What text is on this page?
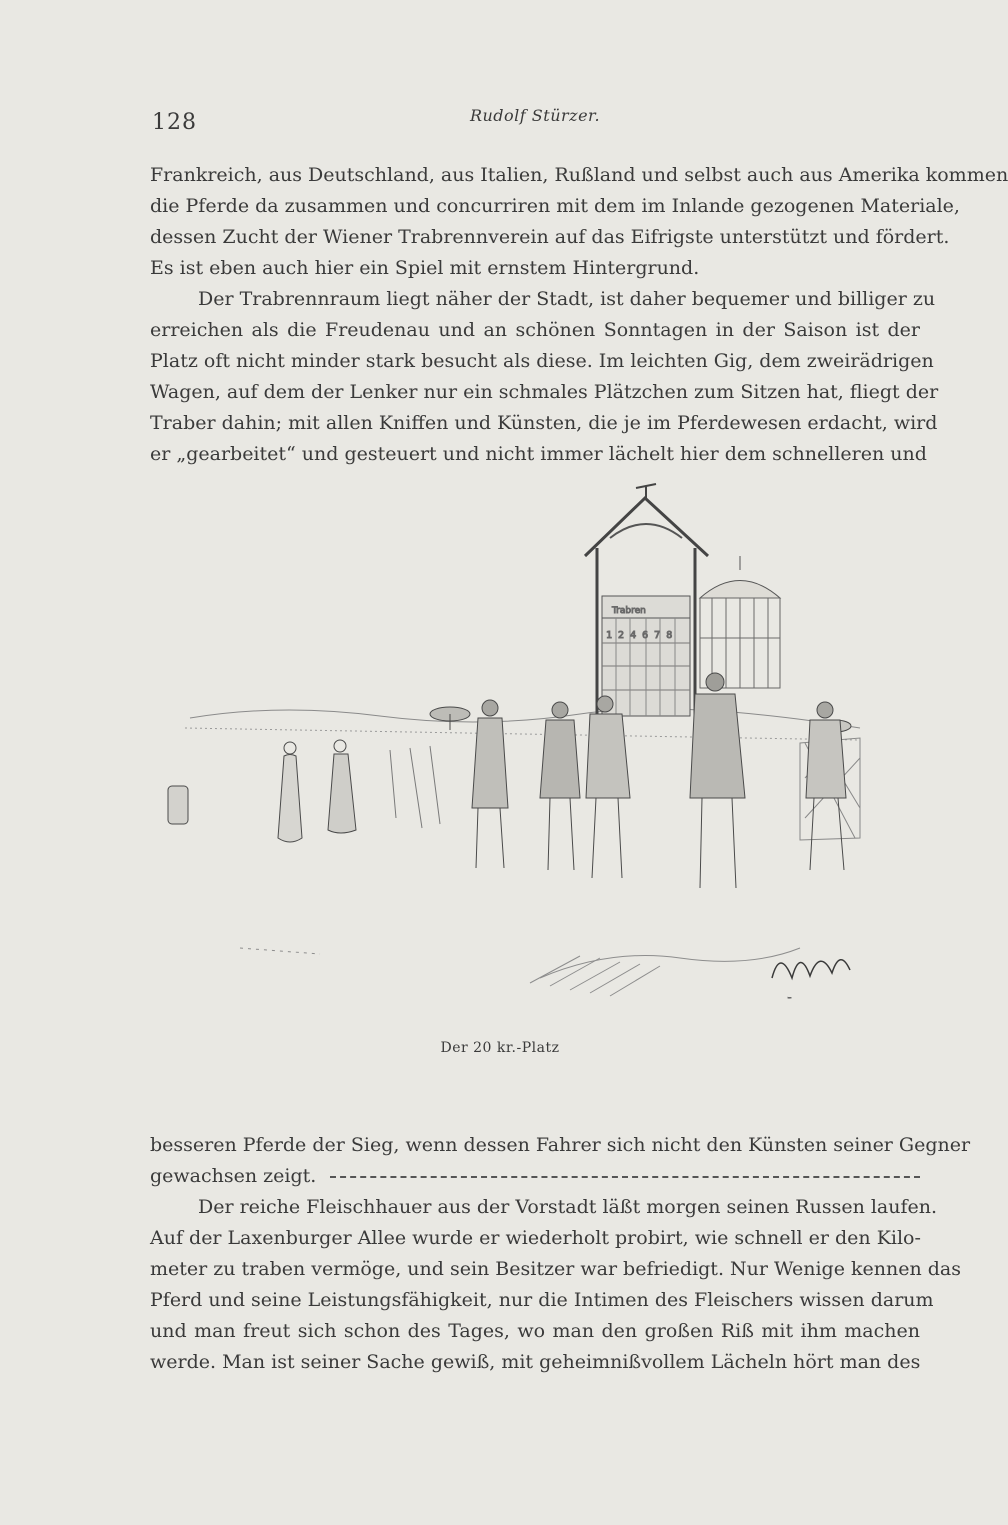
128	Rudolf Stürzer.
Frankreich, aus Deutschland, aus Italien, Rußland und selbst auch aus Amerika kommen
die Pferde da zusammen und concurriren mit dem im Inlande gezogenen Materiale,
dessen Zucht der Wiener Trabrennverein auf das Eifrigste unterstützt und fördert.
Es ist eben auch hier ein Spiel mit ernstem Hintergrund.
Der Trabrennraum liegt näher der Stadt, ist daher bequemer und billiger zu
erreichen als die Freudenau und an schönen Sonntagen in der Saison ist der
Platz oft nicht minder stark besucht als diese. Im leichten Gig, dem zweirädrigen
Wagen, auf dem der Lenker nur ein schmales Plätzchen zum Sitzen hat, fliegt der
Traber dahin; mit allen Kniffen und Künsten, die je im Pferdewesen erdacht, wird
er „gearbeitet“ und gesteuert und nicht immer lächelt hier dem schnelleren und
Trabren
1 2 4 6 7 8
Nyilas
Der 20 kr.-Platz
besseren Pferde der Sieg, wenn dessen Fahrer sich nicht den Künsten seiner Gegner
gewachsen zeigt.
Der reiche Fleischhauer aus der Vorstadt läßt morgen seinen Russen laufen.
Auf der Laxenburger Allee wurde er wiederholt probirt, wie schnell er den Kilo-
meter zu traben vermöge, und sein Besitzer war befriedigt. Nur Wenige kennen das
Pferd und seine Leistungsfähigkeit, nur die Intimen des Fleischers wissen darum
und man freut sich schon des Tages, wo man den großen Riß mit ihm machen
werde. Man ist seiner Sache gewiß, mit geheimnißvollem Lächeln hört man des
